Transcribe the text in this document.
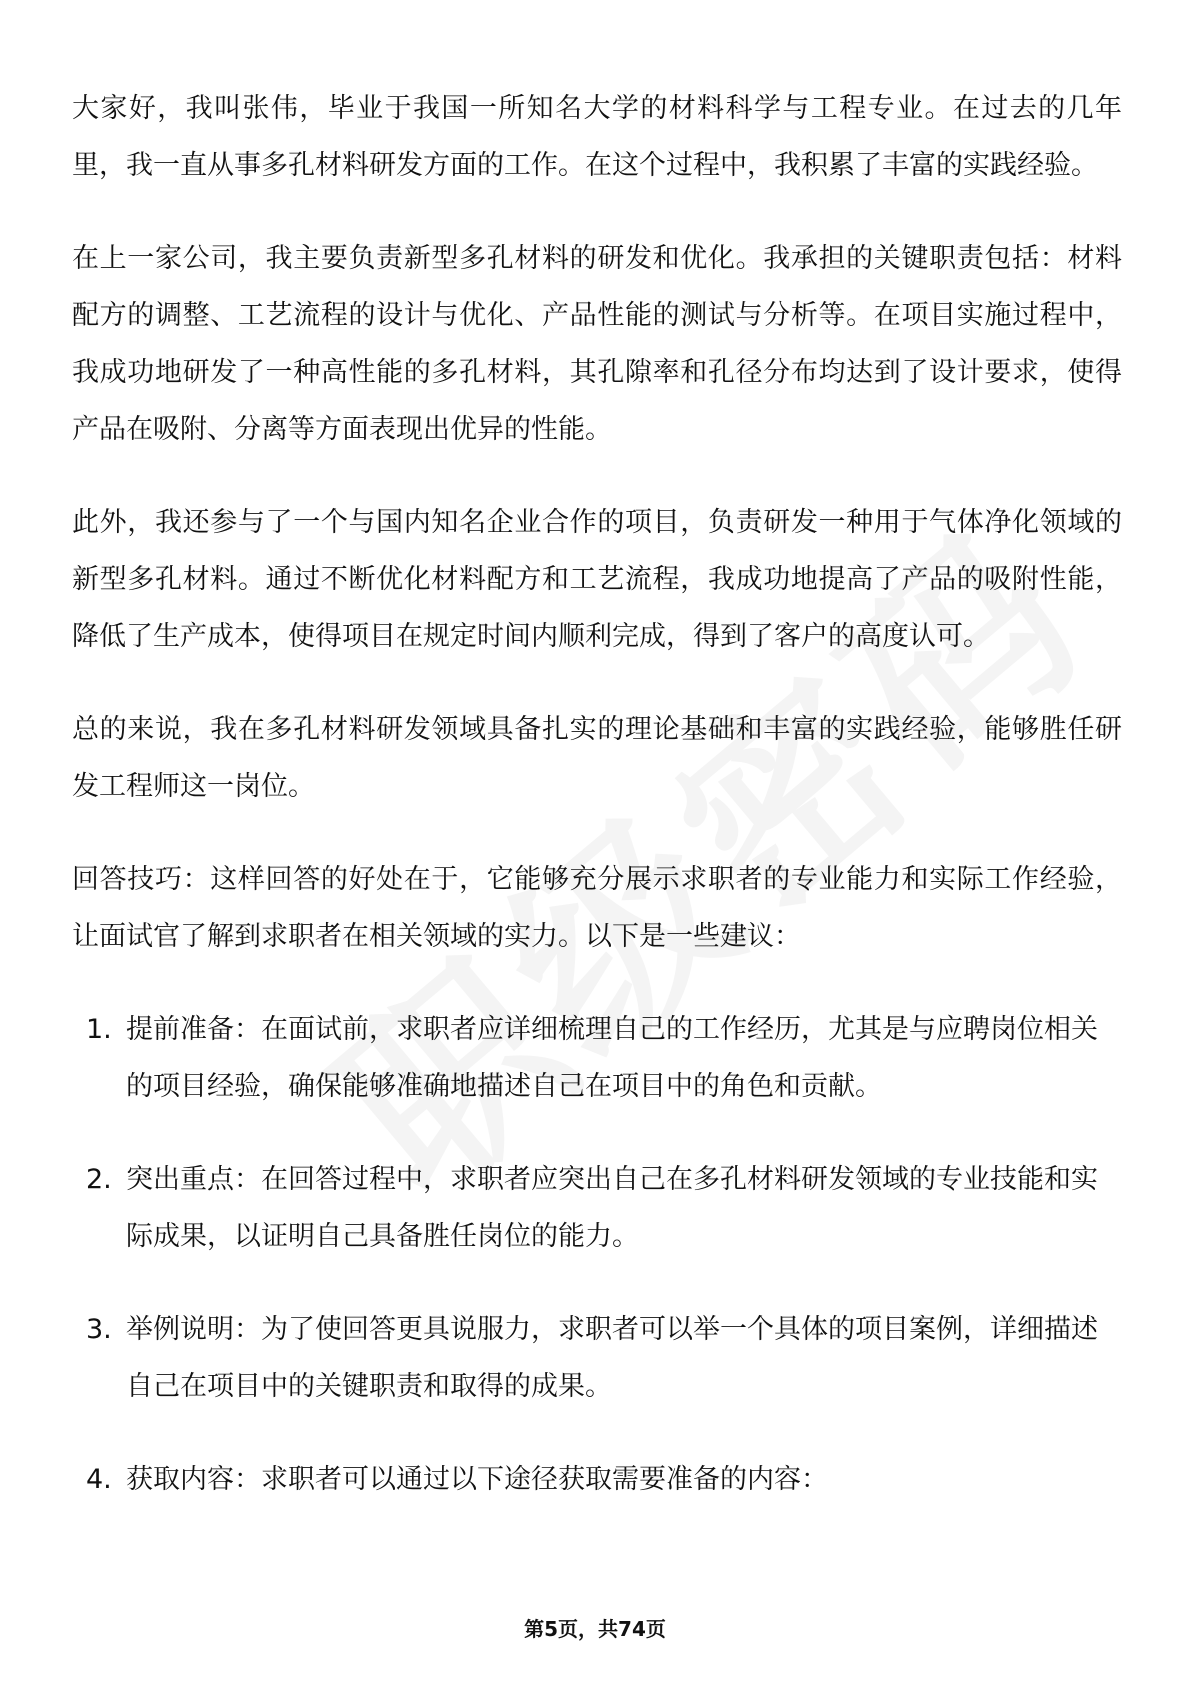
大家好，我叫张伟，毕业于我国一所知名大学的材料科学与工程专业。在过去的几年里，我一直从事多孔材料研发方面的工作。在这个过程中，我积累了丰富的实践经验。

在上一家公司，我主要负责新型多孔材料的研发和优化。我承担的关键职责包括：材料配方的调整、工艺流程的设计与优化、产品性能的测试与分析等。在项目实施过程中，我成功地研发了一种高性能的多孔材料，其孔隙率和孔径分布均达到了设计要求，使得产品在吸附、分离等方面表现出优异的性能。

此外，我还参与了一个与国内知名企业合作的项目，负责研发一种用于气体净化领域的新型多孔材料。通过不断优化材料配方和工艺流程，我成功地提高了产品的吸附性能，降低了生产成本，使得项目在规定时间内顺利完成，得到了客户的高度认可。

总的来说，我在多孔材料研发领域具备扎实的理论基础和丰富的实践经验，能够胜任研发工程师这一岗位。

回答技巧：这样回答的好处在于，它能够充分展示求职者的专业能力和实际工作经验，让面试官了解到求职者在相关领域的实力。以下是一些建议：

1. 提前准备：在面试前，求职者应详细梳理自己的工作经历，尤其是与应聘岗位相关的项目经验，确保能够准确地描述自己在项目中的角色和贡献。
2. 突出重点：在回答过程中，求职者应突出自己在多孔材料研发领域的专业技能和实际成果，以证明自己具备胜任岗位的能力。
3. 举例说明：为了使回答更具说服力，求职者可以举一个具体的项目案例，详细描述自己在项目中的关键职责和取得的成果。
4. 获取内容：求职者可以通过以下途径获取需要准备的内容：
第5页，共74页
